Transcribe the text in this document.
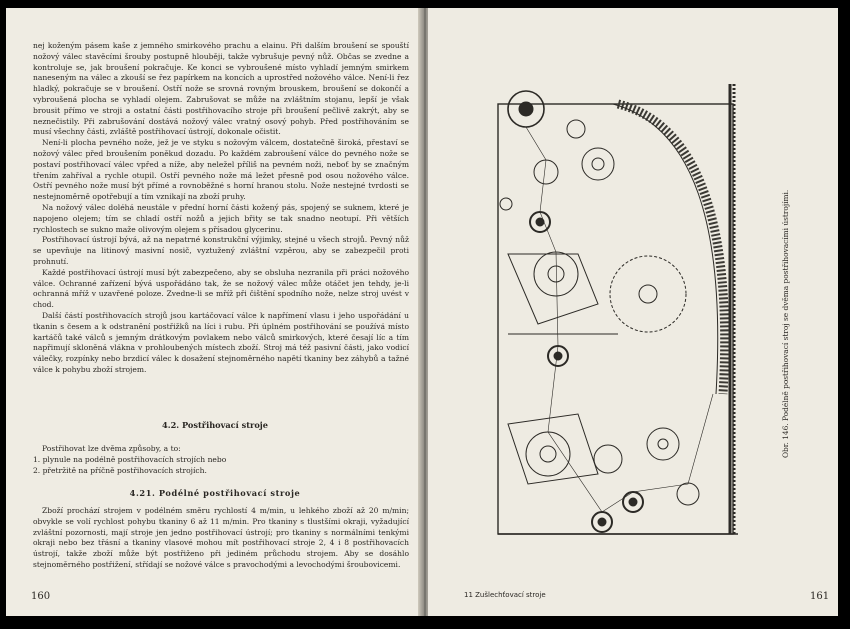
nej koženým pásem kaše z jemného smirkového prachu a elainu. Při dalším broušení se spouští nožový válec stavěcími šrouby postupně hlouběji, takže vybrušuje pevný nůž. Občas se zvedne a kontroluje se, jak broušení pokračuje. Ke konci se vybroušené místo vyhladí jemným smirkem naneseným na válec a zkouší se řez papírkem na koncích a uprostřed nožového válce. Není-li řez hladký, pokračuje se v broušení. Ostří nože se srovná rovným brouskem, broušení se dokončí a vybroušená plocha se vyhladí olejem. Zabrušovat se může na zvláštním stojanu, lepší je však brousit přímo ve stroji a ostatní části postřihovacího stroje při broušení pečlivě zakrýt, aby se neznečistily. Při zabrušování dostává nožový válec vratný osový pohyb. Před postřihováním se musí všechny části, zvláště postřihovací ústrojí, dokonale očistit.

Není-li plocha pevného nože, jež je ve styku s nožovým válcem, dostatečně široká, přestaví se nožový válec před broušením poněkud dozadu. Po každém zabroušení válce do pevného nože se postaví postřihovací válec vpřed a níže, aby neležel příliš na pevném noži, neboť by se značným třením zahříval a rychle otupil. Ostří pevného nože má ležet přesně pod osou nožového válce. Ostří pevného nože musí být přímé a rovnoběžné s horní hranou stolu. Nože nestejné tvrdosti se nestejnoměrně opotřebují a tím vznikají na zboží pruhy.

Na nožový válec doléhá neustále v přední horní části kožený pás, spojený se suknem, které je napojeno olejem; tím se chladí ostří nožů a jejich břity se tak snadno neotupí. Při větších rychlostech se sukno maže olivovým olejem s přísadou glycerinu.

Postřihovací ústrojí bývá, až na nepatrné konstrukční výjimky, stejné u všech strojů. Pevný nůž se upevňuje na litinový masivní nosič, vyztužený zvláštní vzpěrou, aby se zabezpečil proti prohnutí.

Každé postřihovací ústrojí musí být zabezpečeno, aby se obsluha nezranila při práci nožového válce. Ochranné zařízení bývá uspořádáno tak, že se nožový válec může otáčet jen tehdy, je-li ochranná mříž v uzavřené poloze. Zvedne-li se mříž při čištění spodního nože, nelze stroj uvést v chod.

Další částí postřihovacích strojů jsou kartáčovací válce k napřímení vlasu i jeho uspořádání u tkanin s česem a k odstranění postřižků na líci i rubu. Při úplném postřihování se používá místo kartáčů také válců s jemným drátkovým povlakem nebo válců smirkových, které česají líc a tím napřimují skloněná vlákna v prohloubených místech zboží. Stroj má též pasivní části, jako vodicí válečky, rozpínky nebo brzdicí válec k dosažení stejnoměrného napětí tkaniny bez záhybů a tažné válce k pohybu zboží strojem.

4.2. Postřihovací stroje

Postřihovat lze dvěma způsoby, a to:

1. plynule na podélně postřihovacích strojích nebo

2. přetržitě na příčně postřihovacích strojích.

4.21. Podélné postřihovací stroje

Zboží prochází strojem v podélném směru rychlostí 4 m/min, u lehkého zboží až 20 m/min; obvykle se volí rychlost pohybu tkaniny 6 až 11 m/min. Pro tkaniny s tlustšími okraji, vyžadující zvláštní pozornosti, mají stroje jen jedno postřihovací ústrojí; pro tkaniny s normálními tenkými okraji nebo bez třásní a tkaniny vlasové mohou mít postřihovací stroje 2, 4 i 8 postřihovacích ústrojí, takže zboží může být postřiženo při jediném průchodu strojem. Aby se dosáhlo stejnoměrného postřižení, střídají se nožové válce s pravochodými a levochodými šroubovicemi.

160
Obr. 146. Podélně postřihovací stroj se dvěma postřihovacími ústrojími.
11 Zušlechťovací stroje	161
